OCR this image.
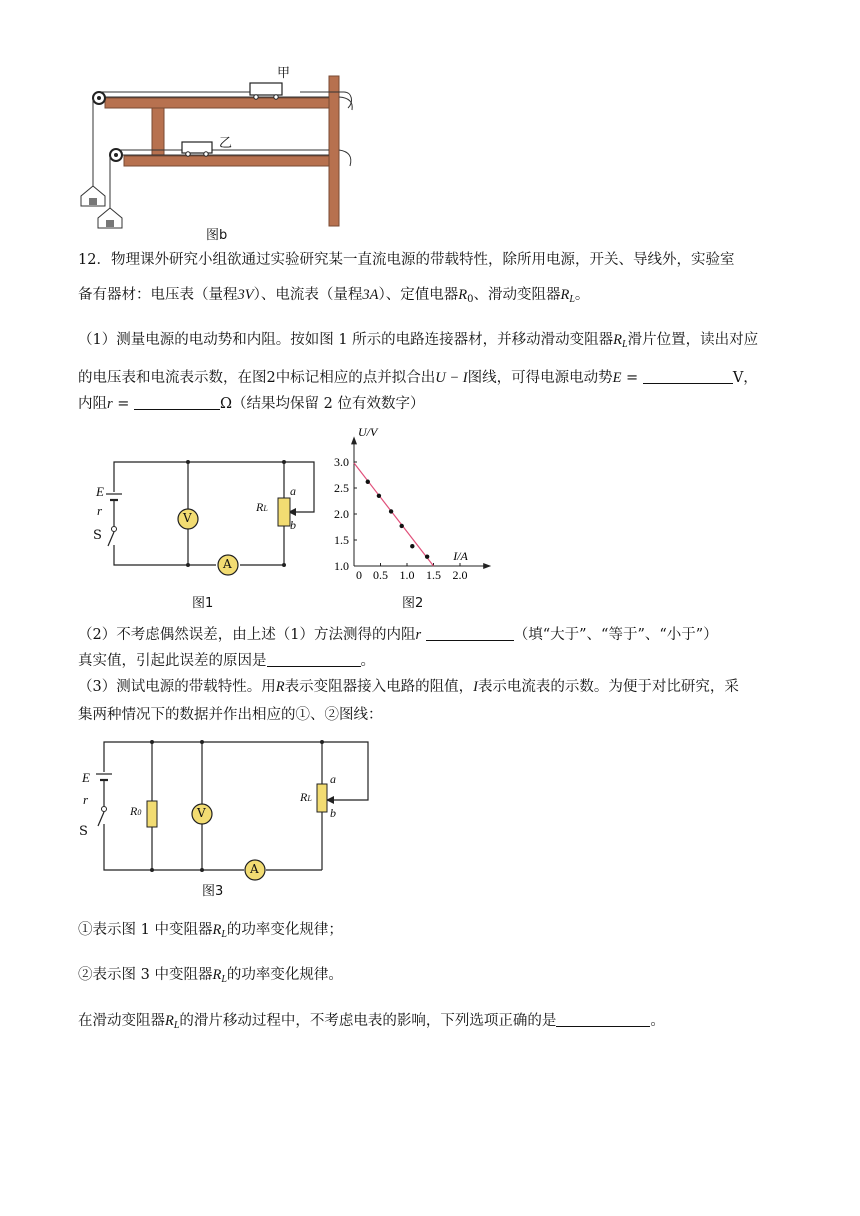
甲
乙
图b
12．物理课外研究小组欲通过实验研究某一直流电源的带载特性，除所用电源，开关、导线外，实验室
备有器材：电压表（量程3V）、电流表（量程3A）、定值电器$R_0$、滑动变阻器$R_L$。
（1）测量电源的电动势和内阻。按如图 1 所示的电路连接器材，并移动滑动变阻器$R_L$滑片位置，读出对应
的电压表和电流表示数，在图2中标记相应的点并拟合出U − I图线，可得电源电动势E =	V，
内阻r =	Ω（结果均保留 2 位有效数字）
E
r
S
V
A
RL
a
b
图1
0 0.5 1.0 1.5 2.0
1.0
1.5
2.0
2.5
3.0
U/V
I/A
图2
（2）不考虑偶然误差，由上述（1）方法测得的内阻r	（填“大于”、“等于”、“小于”）
真实值，引起此误差的原因是	。
（3）测试电源的带载特性。用R表示变阻器接入电路的阻值，I表示电流表的示数。为便于对比研究，采
集两种情况下的数据并作出相应的①、②图线：
E
r
S
R0	V
A
RL
a
b
图3
①表示图 1 中变阻器$R_L$的功率变化规律；
②表示图 3 中变阻器$R_L$的功率变化规律。
在滑动变阻器$R_L$的滑片移动过程中，不考虑电表的影响，下列选项正确的是	。
